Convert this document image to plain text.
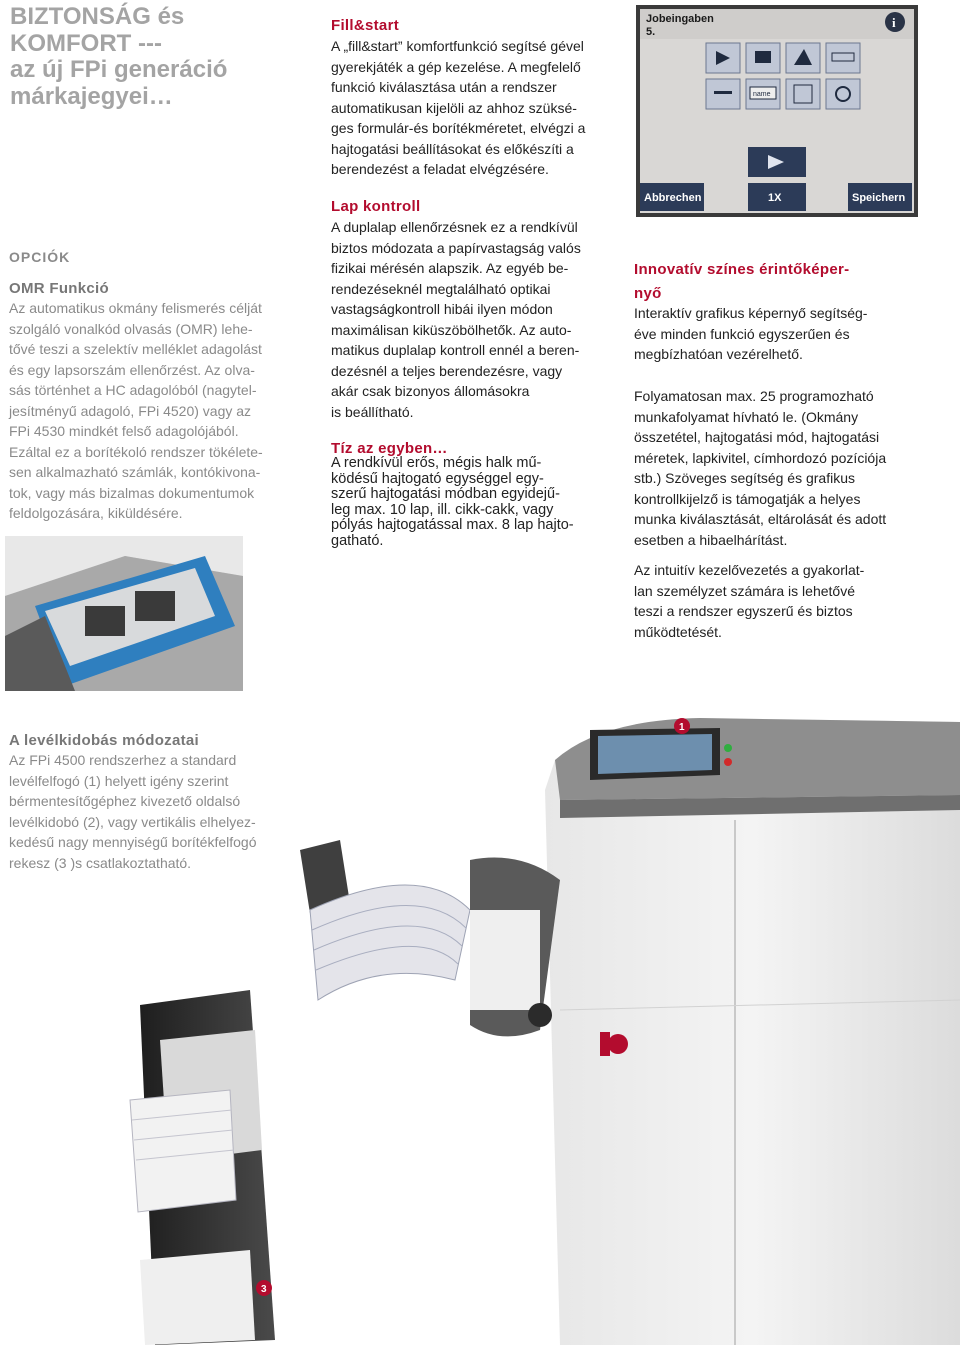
BIZTONSÁG és
KOMFORT ---
az új FPi generáció
márkajegyei…
Jobeingaben
5.
i
name
Abbrechen	1X	Speichern

OPCIÓK

OMR Funkció

Az automatikus okmány felismerés célját
szolgáló vonalkód olvasás (OMR) lehe-
tővé teszi a szelektív melléklet adagolást
és egy lapsorszám ellenőrzést. Az olva-
sás történhet a HC adagolóból (nagytel-
jesítményű adagoló, FPi 4520) vagy az
FPi 4530 mindkét felső adagolójából.
Ezáltal ez a borítékoló rendszer tökélete-
sen alkalmazható számlák, kontókivona-
tok, vagy más bizalmas dokumentumok
feldolgozására, kiküldésére.

Fill&start

A „fill&start” komfortfunkció segítsé gével
gyerekjáték a gép kezelése. A megfelelő
funkció kiválasztása után a rendszer
automatikusan kijelöli az ahhoz szüksé-
ges formulár-és borítékméretet, elvégzi a
hajtogatási beállításokat és előkészíti a
berendezést a feladat elvégzésére.

Lap kontroll

A duplalap ellenőrzésnek ez a rendkívül
biztos módozata a papírvastagság valós
fizikai mérésén alapszik. Az egyéb be-
rendezéseknél megtalálható optikai
vastagságkontroll hibái ilyen módon
maximálisan kiküszöbölhetők. Az auto-
matikus duplalap kontroll ennél a beren-
dezésnél a teljes berendezésre, vagy
akár csak bizonyos állomásokra
is beállítható.

Tíz az egyben…

A rendkívül erős, mégis halk mű-
ködésű hajtogató egységgel egy-
szerű hajtogatási módban egyidejű-
leg max. 10 lap, ill. cikk-cakk, vagy
pólyás hajtogatással max. 8 lap hajto-
gatható.

Innovatív színes érintőképer-
nyő

Interaktív grafikus képernyő segítség-
éve minden funkció egyszerűen és
megbízhatóan vezérelhető.

Folyamatosan max. 25 programozható
munkafolyamat hívható le. (Okmány
összetétel, hajtogatási mód, hajtogatási
méretek, lapkivitel, címhordozó pozíciója
stb.) Szöveges segítség és grafikus
kontrollkijelző is támogatják a helyes
munka kiválasztását, eltárolását és adott
esetben a hibaelhárítást.

Az intuitív kezelővezetés a gyakorlat-
lan személyzet számára is lehetővé
teszi a rendszer egyszerű és biztos
működtetését.

A levélkidobás módozatai

Az FPi 4500 rendszerhez a standard
levélfelfogó (1) helyett igény szerint
bérmentesítőgéphez kivezető oldalsó
levélkidobó (2), vagy vertikális elhelyez-
kedésű nagy mennyiségű borítékfelfogó
rekesz (3 )s csatlakoztatható.

3
1
